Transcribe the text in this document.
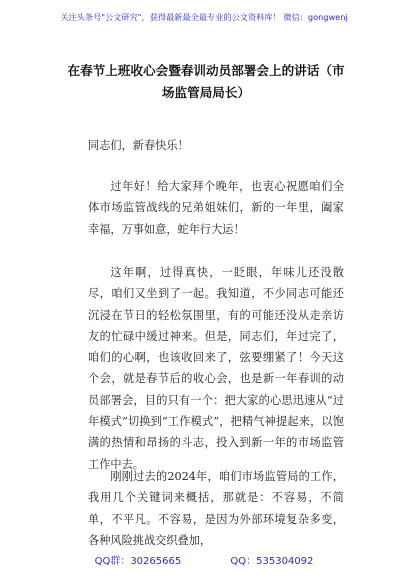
关注头条号"公文研究"，获得最新最全最专业的公文资料库！ 微信：gongwenj
在春节上班收心会暨春训动员部署会上的讲话（市场监管局局长）
同志们，新春快乐！
过年好！给大家拜个晚年，也衷心祝愿咱们全体市场监管战线的兄弟姐妹们，新的一年里，阖家幸福，万事如意，蛇年行大运！
这年啊，过得真快，一眨眼，年味儿还没散尽，咱们又坐到了一起。我知道，不少同志可能还沉浸在节日的轻松氛围里，有的可能还没从走亲访友的忙碌中缓过神来。但是，同志们，年过完了，咱们的心啊，也该收回来了，弦要绷紧了！今天这个会，就是春节后的收心会，也是新一年春训的动员部署会，目的只有一个：把大家的心思迅速从“过年模式”切换到“工作模式”，把精气神提起来，以饱满的热情和昂扬的斗志，投入到新一年的市场监管工作中去。
刚刚过去的2024年，咱们市场监管局的工作，我用几个关键词来概括，那就是：不容易，不简单，不平凡。不容易，是因为外部环境复杂多变，各种风险挑战交织叠加，
QQ群：30265665	QQ：535304092
